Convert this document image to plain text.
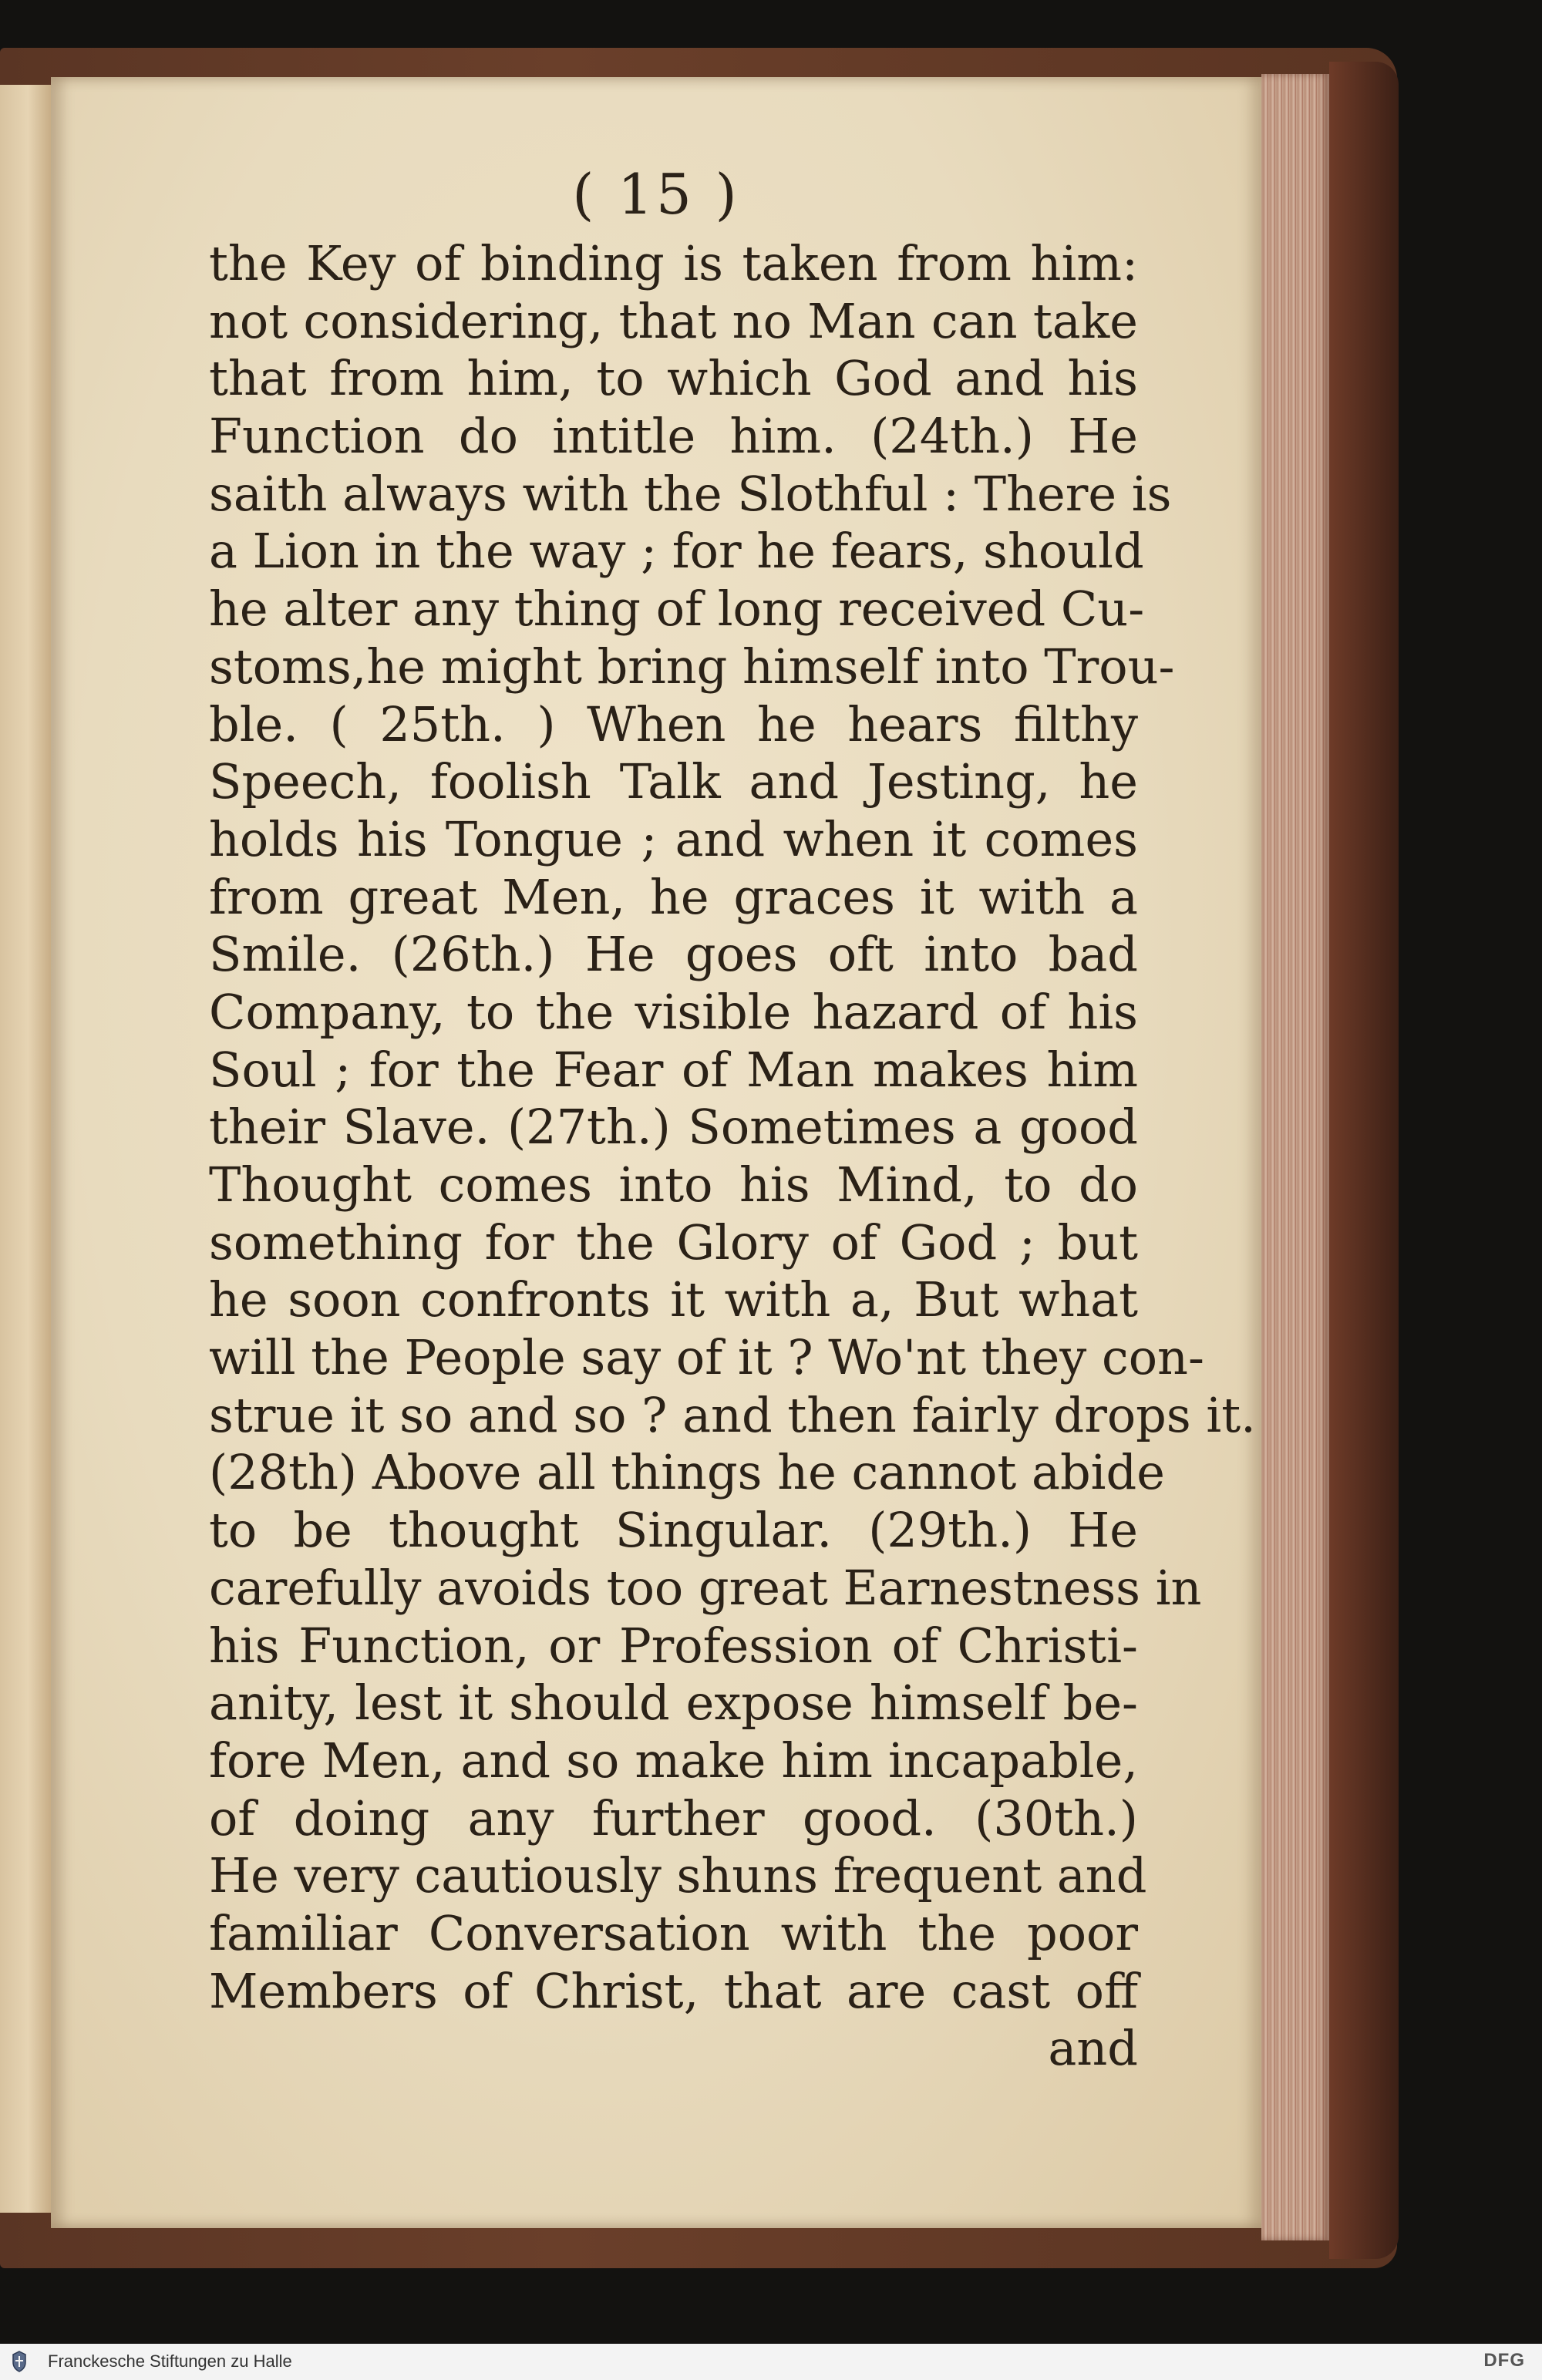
( 15 )
the Key of binding is taken from him:
not considering, that no Man can take
that from him, to which God and his
Function do intitle him. (24th.) He
saith always with the Slothful : There is
a Lion in the way ; for he fears, should
he alter any thing of long received Cu-
stoms,he might bring himself into Trou-
ble. ( 25th. ) When he hears filthy
Speech, foolish Talk and Jesting, he
holds his Tongue ; and when it comes
from great Men, he graces it with a
Smile. (26th.) He goes oft into bad
Company, to the visible hazard of his
Soul ; for the Fear of Man makes him
their Slave. (27th.) Sometimes a good
Thought comes into his Mind, to do
something for the Glory of God ; but
he soon confronts it with a, But what
will the People say of it ? Wo'nt they con-
strue it so and so ? and then fairly drops it.
(28th) Above all things he cannot abide
to be thought Singular. (29th.) He
carefully avoids too great Earnestness in
his Function, or Profession of Christi-
anity, lest it should expose himself be-
fore Men, and so make him incapable,
of doing any further good. (30th.)
He very cautiously shuns frequent and
familiar Conversation with the poor
Members of Christ, that are cast off
and
Franckesche Stiftungen zu Halle	DFG
